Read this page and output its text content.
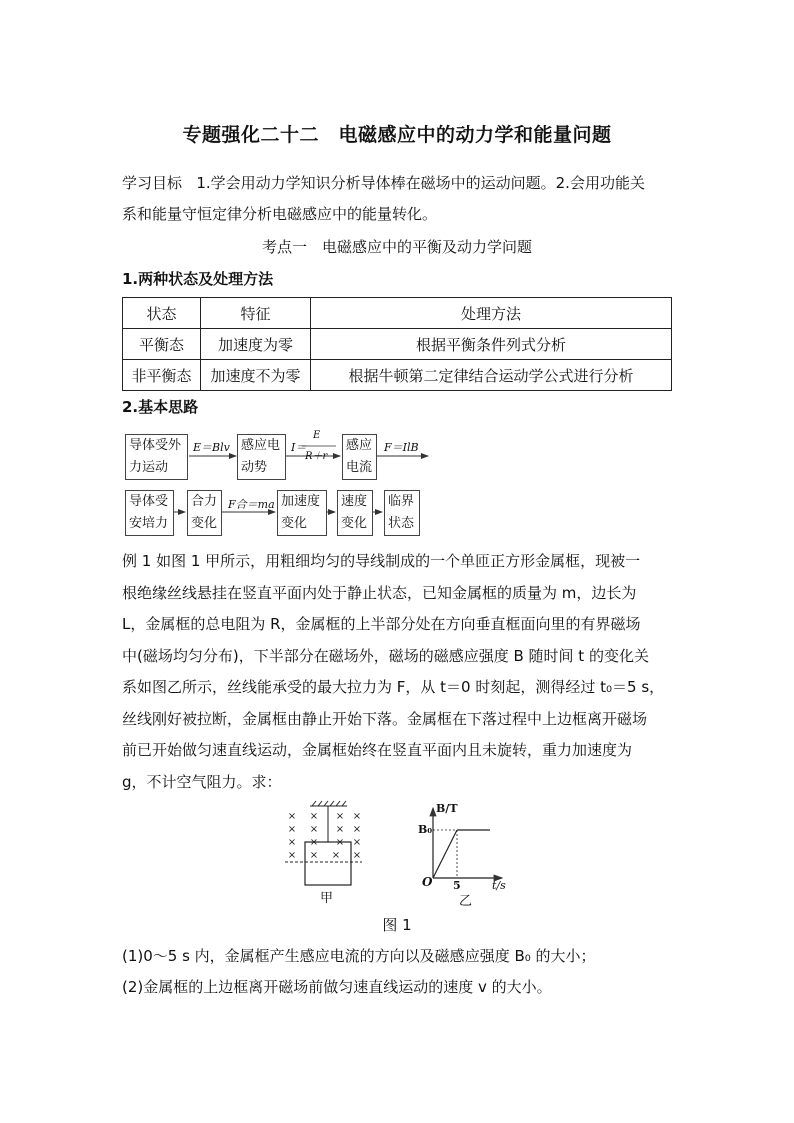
专题强化二十二　电磁感应中的动力学和能量问题
学习目标 1.学会用动力学知识分析导体棒在磁场中的运动问题。2.会用功能关
系和能量守恒定律分析电磁感应中的能量转化。
考点一　电磁感应中的平衡及动力学问题
1.两种状态及处理方法
状态	特征	处理方法
平衡态	加速度为零	根据平衡条件列式分析
非平衡态	加速度不为零	根据牛顿第二定律结合运动学公式进行分析
2.基本思路
导体受外
力运动
E＝Blv 感应电
动势
I＝
E
R＋r
感应
电流
F＝IlB
导体受
安培力
合力
变化
F合＝ma 加速度
变化
速度
变化
临界
状态
例 1 如图 1 甲所示，用粗细均匀的导线制成的一个单匝正方形金属框，现被一
根绝缘丝线悬挂在竖直平面内处于静止状态，已知金属框的质量为 m，边长为
L，金属框的总电阻为 R，金属框的上半部分处在方向垂直框面向里的有界磁场
中(磁场均匀分布)，下半部分在磁场外，磁场的磁感应强度 B 随时间 t 的变化关
系如图乙所示，丝线能承受的最大拉力为 F，从 t＝0 时刻起，测得经过 t₀＝5 s，
丝线刚好被拉断，金属框由静止开始下落。金属框在下落过程中上边框离开磁场
前已开始做匀速直线运动，金属框始终在竖直平面内且未旋转，重力加速度为
g，不计空气阻力。求：
× × × ×
× × × ×
× × × ×
× × × ×
B/T
B₀
O 5	t/s
甲	乙
图 1
(1)0～5 s 内，金属框产生感应电流的方向以及磁感应强度 B₀ 的大小；
(2)金属框的上边框离开磁场前做匀速直线运动的速度 v 的大小。
